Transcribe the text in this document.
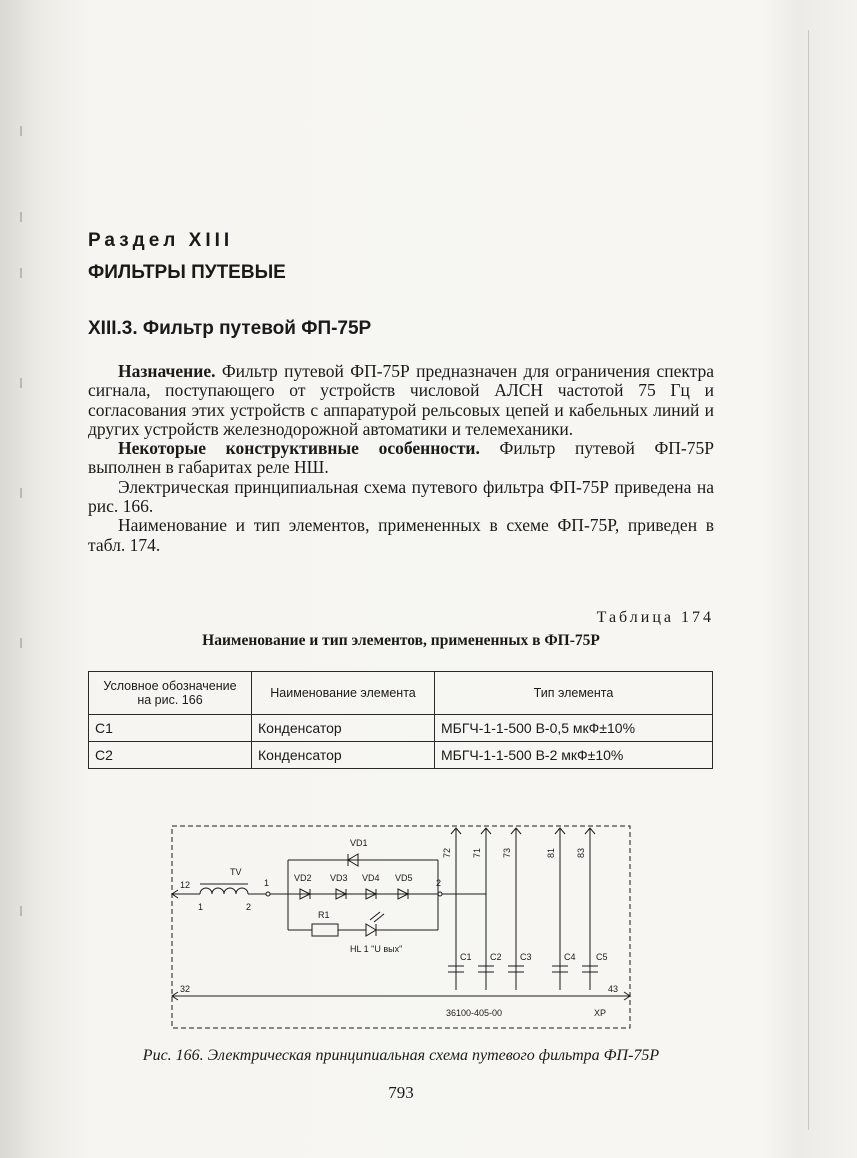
Раздел XIII
ФИЛЬТРЫ ПУТЕВЫЕ
XIII.3. Фильтр путевой ФП-75Р

Назначение. Фильтр путевой ФП-75Р предназначен для ограничения спектра сигнала, поступающего от устройств числовой АЛСН частотой 75 Гц и согласования этих устройств с аппаратурой рельсовых цепей и кабельных линий и других устройств железнодорожной автоматики и телемеханики.

Некоторые конструктивные особенности. Фильтр путевой ФП-75Р выполнен в габаритах реле НШ.

Электрическая принципиальная схема путевого фильтра ФП-75Р приведена на рис. 166.

Наименование и тип элементов, примененных в схеме ФП-75Р, приведен в табл. 174.

Таблица 174
Наименование и тип элементов, примененных в ФП-75Р
Условное обозначение на рис. 166	Наименование элемента	Тип элемента
С1	Конденсатор	МБГЧ-1-1-500 В-0,5 мкФ±10%
С2	Конденсатор	МБГЧ-1-1-500 В-2 мкФ±10%
VD1
VD2 VD3 VD4 VD5
TV
R1
HL 1 "U вых"
12
32	43
1	2
1	2
C1 C2 C3	C4 C5
72 71 73	81 83
36100-405-00	XP
Рис. 166. Электрическая принципиальная схема путевого фильтра ФП-75Р
793
